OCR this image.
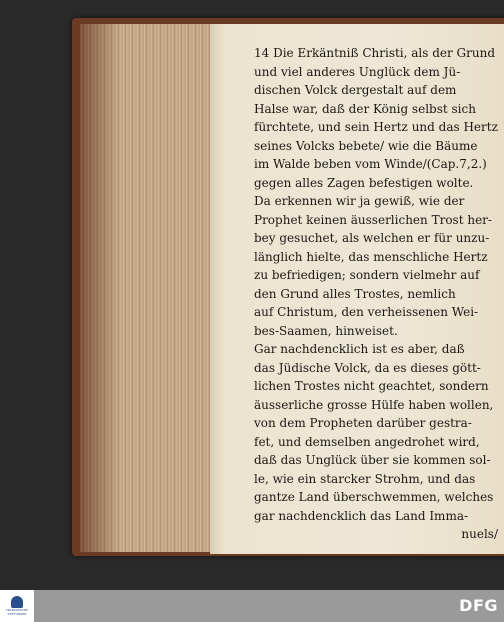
14 Die Erkäntniß Christi, als der Grund
und viel anderes Unglück dem Jü-
dischen Volck dergestalt auf dem
Halse war, daß der König selbst sich
fürchtete, und sein Hertz und das Hertz
seines Volcks bebete/ wie die Bäume
im Walde beben vom Winde/(Cap.7,2.)
gegen alles Zagen befestigen wolte.
Da erkennen wir ja gewiß, wie der
Prophet keinen äusserlichen Trost her-
bey gesuchet, als welchen er für unzu-
länglich hielte, das menschliche Hertz
zu befriedigen; sondern vielmehr auf
den Grund alles Trostes, nemlich
auf Christum, den verheissenen Wei-
bes-Saamen, hinweiset.
Gar nachdencklich ist es aber, daß
das Jüdische Volck, da es dieses gött-
lichen Trostes nicht geachtet, sondern
äusserliche grosse Hülfe haben wollen,
von dem Propheten darüber gestra-
fet, und demselben angedrohet wird,
daß das Unglück über sie kommen sol-
le, wie ein starcker Strohm, und das
gantze Land überschwemmen, welches
gar nachdencklich das Land Imma-
nuels/
FRANCKESCHE STIFTUNGEN	DFG
